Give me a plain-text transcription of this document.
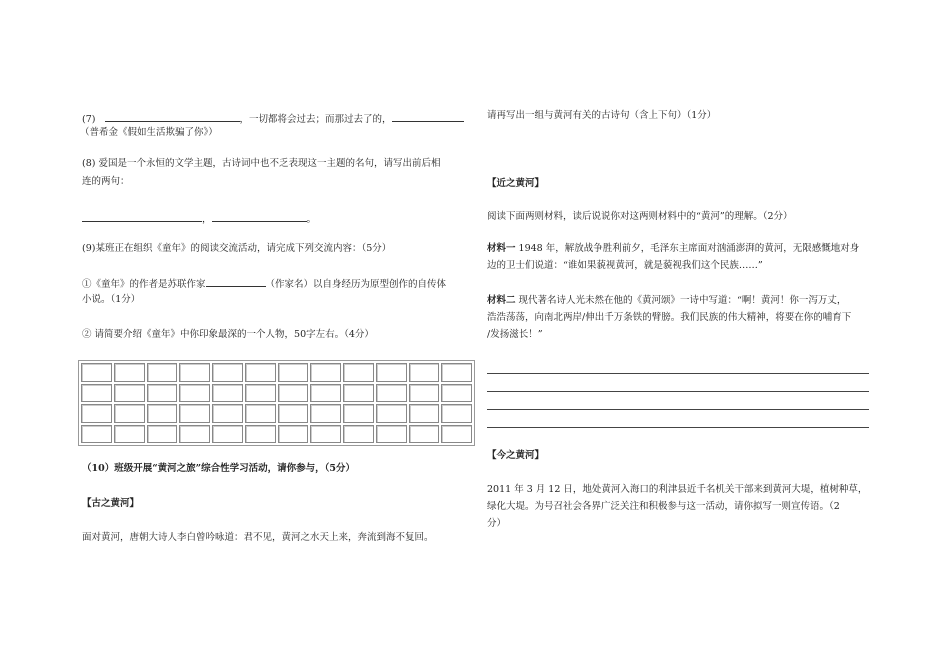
(7)	，一切都将会过去；而那过去了的，
（普希金《假如生活欺骗了你》）
(8) 爱国是一个永恒的文学主题，古诗词中也不乏表现这一主题的名句，请写出前后相
连的两句：
，	。
(9)某班正在组织《童年》的阅读交流活动，请完成下列交流内容：（5分）
①《童年》的作者是苏联作家	（作家名）以自身经历为原型创作的自传体
小说。（1分）
② 请简要介绍《童年》中你印象最深的一个人物，50字左右。（4分）
（10）班级开展“黄河之旅”综合性学习活动，请你参与，（5分）
【古之黄河】
面对黄河，唐朝大诗人李白曾吟咏道：君不见，黄河之水天上来，奔流到海不复回。
请再写出一组与黄河有关的古诗句（含上下句）（1分）
【近之黄河】
阅读下面两则材料，读后说说你对这两则材料中的“黄河”的理解。（2分）
材料一 1948 年，解放战争胜利前夕，毛泽东主席面对汹涌澎湃的黄河，无限感慨地对身
边的卫士们说道：“谁如果藐视黄河，就是藐视我们这个民族……”
材料二 现代著名诗人光未然在他的《黄河颂》一诗中写道：“啊！黄河！你一泻万丈，
浩浩荡荡，向南北两岸/伸出千万条铁的臂膀。我们民族的伟大精神，将要在你的哺育下
/发扬滋长！”
【今之黄河】
2011 年 3 月 12 日，地处黄河入海口的利津县近千名机关干部来到黄河大堤，植树种草，
绿化大堤。为号召社会各界广泛关注和积极参与这一活动，请你拟写一则宣传语。（2
分）
